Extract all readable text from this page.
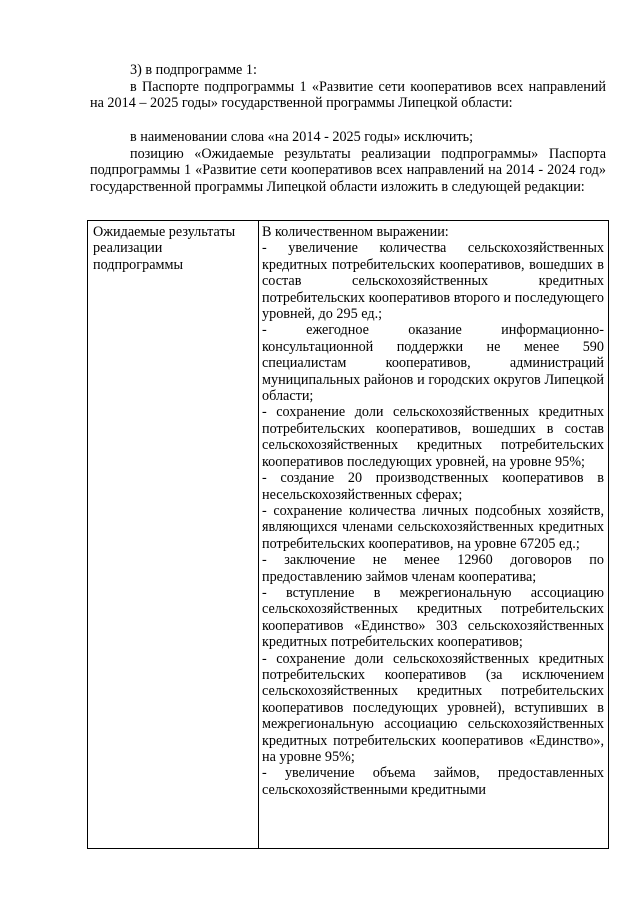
3) в подпрограмме 1:

в Паспорте подпрограммы 1 «Развитие сети кооперативов всех направлений на 2014 – 2025 годы» государственной программы Липецкой области:

в наименовании слова «на 2014 - 2025 годы» исключить;

позицию «Ожидаемые результаты реализации подпрограммы» Паспорта подпрограммы 1 «Развитие сети кооперативов всех направлений на 2014 - 2024 год» государственной программы Липецкой области изложить в следующей редакции:

Ожидаемые результаты реализации подпрограммы

В количественном выражении:

- увеличение количества сельскохозяйственных кредитных потребительских кооперативов, вошедших в состав сельскохозяйственных кредитных потребительских кооперативов второго и последующего уровней, до 295 ед.;

- ежегодное оказание информационно-консультационной поддержки не менее 590 специалистам кооперативов, администраций муниципальных районов и городских округов Липецкой области;

- сохранение доли сельскохозяйственных кредитных потребительских кооперативов, вошедших в состав сельскохозяйственных кредитных потребительских кооперативов последующих уровней, на уровне 95%;

- создание 20 производственных кооперативов в несельскохозяйственных сферах;

- сохранение количества личных подсобных хозяйств, являющихся членами сельскохозяйственных кредитных потребительских кооперативов, на уровне 67205 ед.;

- заключение не менее 12960 договоров по предоставлению займов членам кооператива;

- вступление в межрегиональную ассоциацию сельскохозяйственных кредитных потребительских кооперативов «Единство» 303 сельскохозяйственных кредитных потребительских кооперативов;

- сохранение доли сельскохозяйственных кредитных потребительских кооперативов (за исключением сельскохозяйственных кредитных потребительских кооперативов последующих уровней), вступивших в межрегиональную ассоциацию сельскохозяйственных кредитных потребительских кооперативов «Единство», на уровне 95%;

- увеличение объема займов, предоставленных сельскохозяйственными кредитными
